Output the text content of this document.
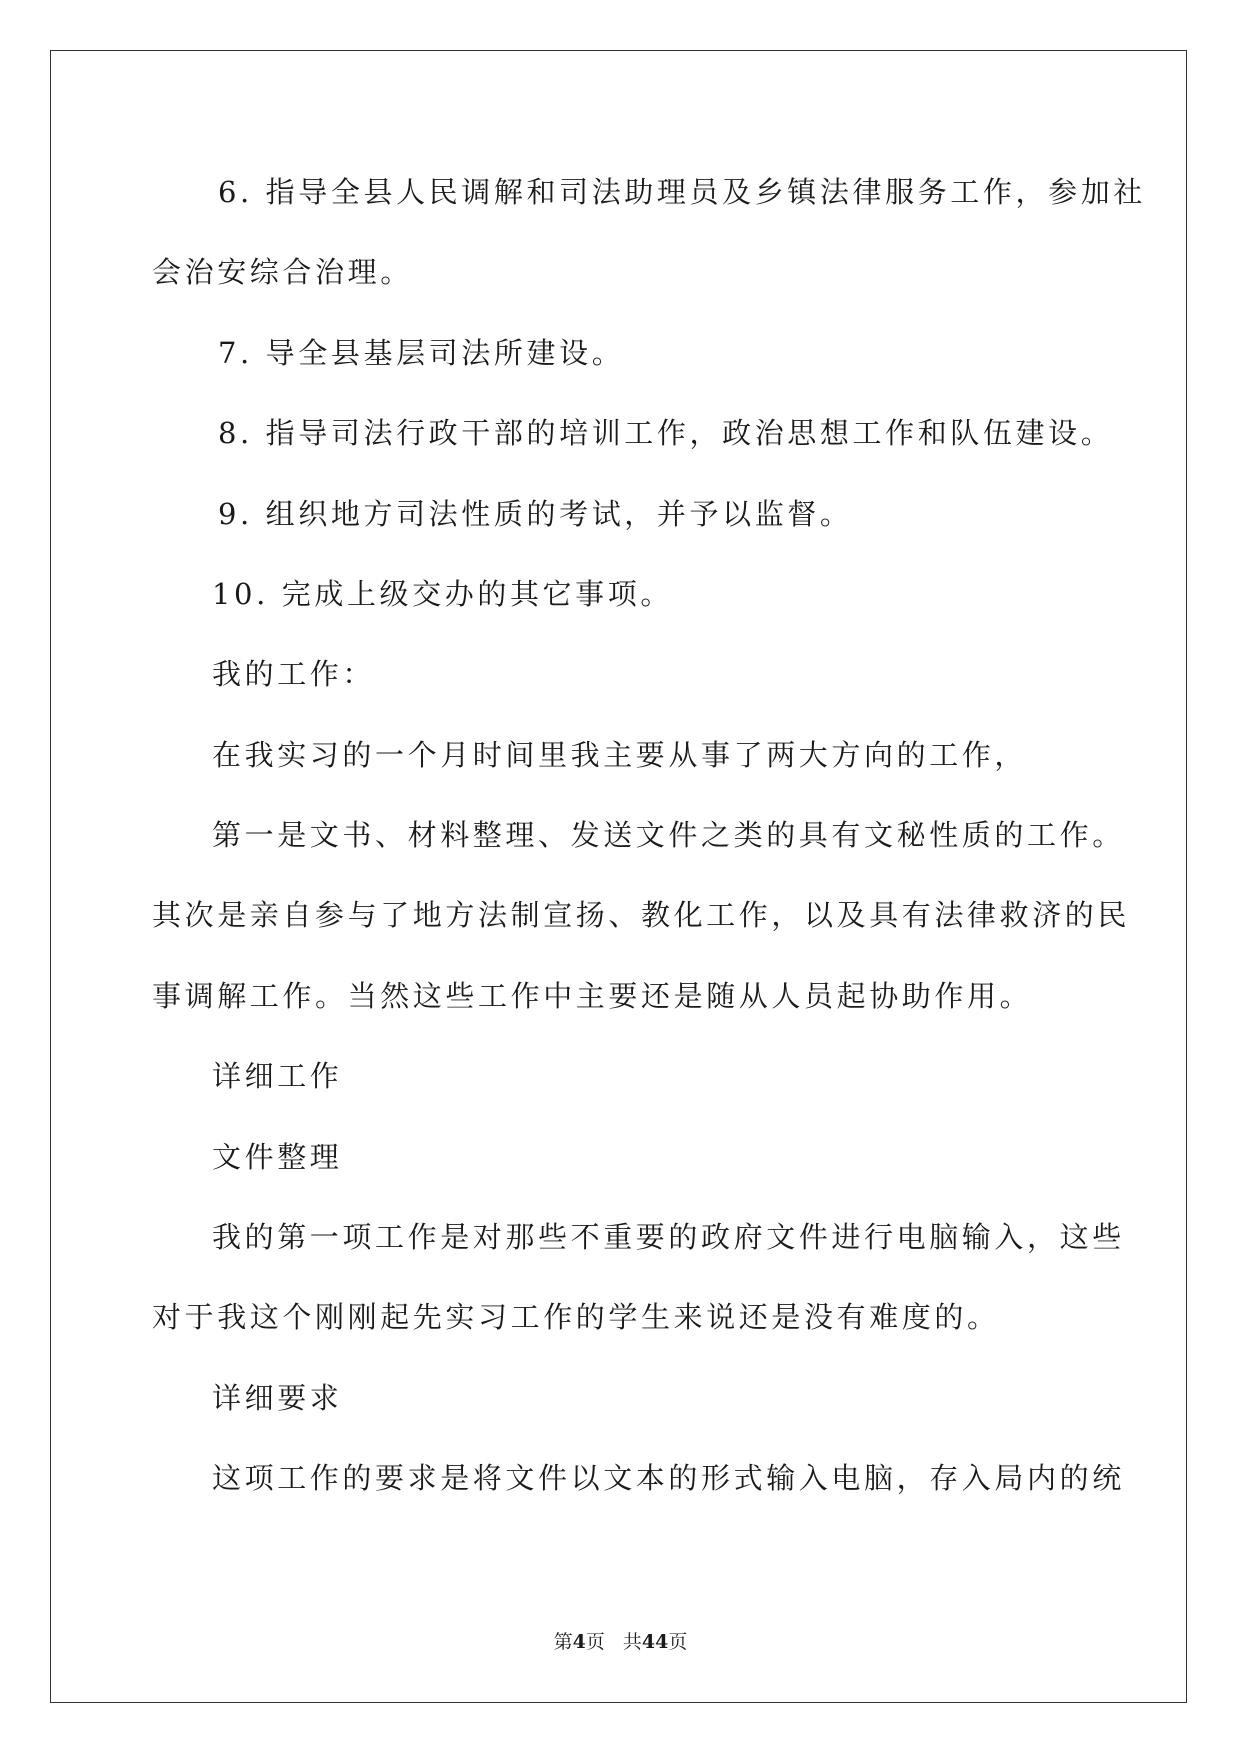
6. 指导全县人民调解和司法助理员及乡镇法律服务工作，参加社
会治安综合治理。
7. 导全县基层司法所建设。
8. 指导司法行政干部的培训工作，政治思想工作和队伍建设。
9. 组织地方司法性质的考试，并予以监督。
10. 完成上级交办的其它事项。
我的工作：
在我实习的一个月时间里我主要从事了两大方向的工作，
第一是文书、材料整理、发送文件之类的具有文秘性质的工作。
其次是亲自参与了地方法制宣扬、教化工作，以及具有法律救济的民
事调解工作。当然这些工作中主要还是随从人员起协助作用。
详细工作
文件整理
我的第一项工作是对那些不重要的政府文件进行电脑输入，这些
对于我这个刚刚起先实习工作的学生来说还是没有难度的。
详细要求
这项工作的要求是将文件以文本的形式输入电脑，存入局内的统
第4页 共44页
